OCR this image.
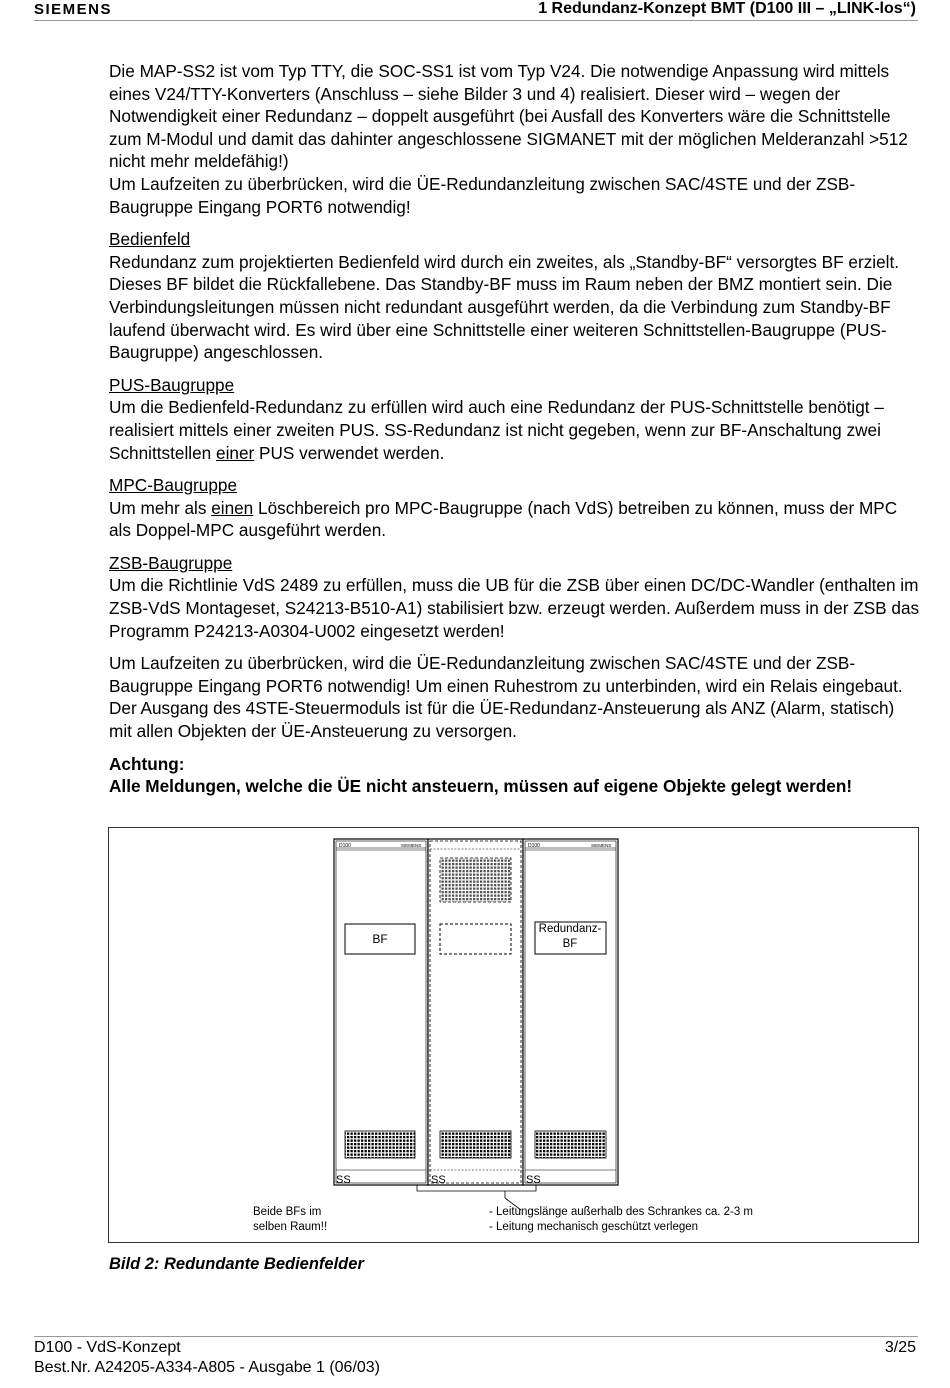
SIEMENS	1 Redundanz-Konzept BMT (D100 III – „LINK-los“)

Die MAP-SS2 ist vom Typ TTY, die SOC-SS1 ist vom Typ V24. Die notwendige Anpassung wird mittels eines V24/TTY-Konverters (Anschluss – siehe Bilder 3 und 4) realisiert. Dieser wird – wegen der Notwendigkeit einer Redundanz – doppelt ausgeführt (bei Ausfall des Konverters wäre die Schnittstelle zum M-Modul und damit das dahinter angeschlossene SIGMANET mit der möglichen Melderanzahl >512 nicht mehr meldefähig!)

Um Laufzeiten zu überbrücken, wird die ÜE-Redundanzleitung zwischen SAC/4STE und der ZSB-Baugruppe Eingang PORT6 notwendig!

Bedienfeld

Redundanz zum projektierten Bedienfeld wird durch ein zweites, als „Standby-BF“ versorgtes BF erzielt. Dieses BF bildet die Rückfallebene. Das Standby-BF muss im Raum neben der BMZ montiert sein. Die Verbindungsleitungen müssen nicht redundant ausgeführt werden, da die Verbindung zum Standby-BF laufend überwacht wird. Es wird über eine Schnittstelle einer weiteren Schnittstellen-Baugruppe (PUS-Baugruppe) angeschlossen.

PUS-Baugruppe

Um die Bedienfeld-Redundanz zu erfüllen wird auch eine Redundanz der PUS-Schnittstelle benötigt – realisiert mittels einer zweiten PUS. SS-Redundanz ist nicht gegeben, wenn zur BF-Anschaltung zwei Schnittstellen einer PUS verwendet werden.

MPC-Baugruppe

Um mehr als einen Löschbereich pro MPC-Baugruppe (nach VdS) betreiben zu können, muss der MPC als Doppel-MPC ausgeführt werden.

ZSB-Baugruppe

Um die Richtlinie VdS 2489 zu erfüllen, muss die UB für die ZSB über einen DC/DC-Wandler (enthalten im ZSB-VdS Montageset, S24213-B510-A1) stabilisiert bzw. erzeugt werden. Außerdem muss in der ZSB das Programm P24213-A0304-U002 eingesetzt werden!

Um Laufzeiten zu überbrücken, wird die ÜE-Redundanzleitung zwischen SAC/4STE und der ZSB-Baugruppe Eingang PORT6 notwendig! Um einen Ruhestrom zu unterbinden, wird ein Relais eingebaut. Der Ausgang des 4STE-Steuermoduls ist für die ÜE-Redundanz-Ansteuerung als ANZ (Alarm, statisch) mit allen Objekten der ÜE-Ansteuerung zu versorgen.

Achtung:
Alle Meldungen, welche die ÜE nicht ansteuern, müssen auf eigene Objekte gelegt werden!
D100	SIEMENS
BF
SS	SS
D100	SIEMENS
Redundanz-
BF
SS
Beide BFs im
selben Raum!!
- Leitungslänge außerhalb des Schrankes ca. 2-3 m
- Leitung mechanisch geschützt verlegen
Bild 2: Redundante Bedienfelder
D100 - VdS-Konzept
Best.Nr. A24205-A334-A805 - Ausgabe 1 (06/03)
3/25
